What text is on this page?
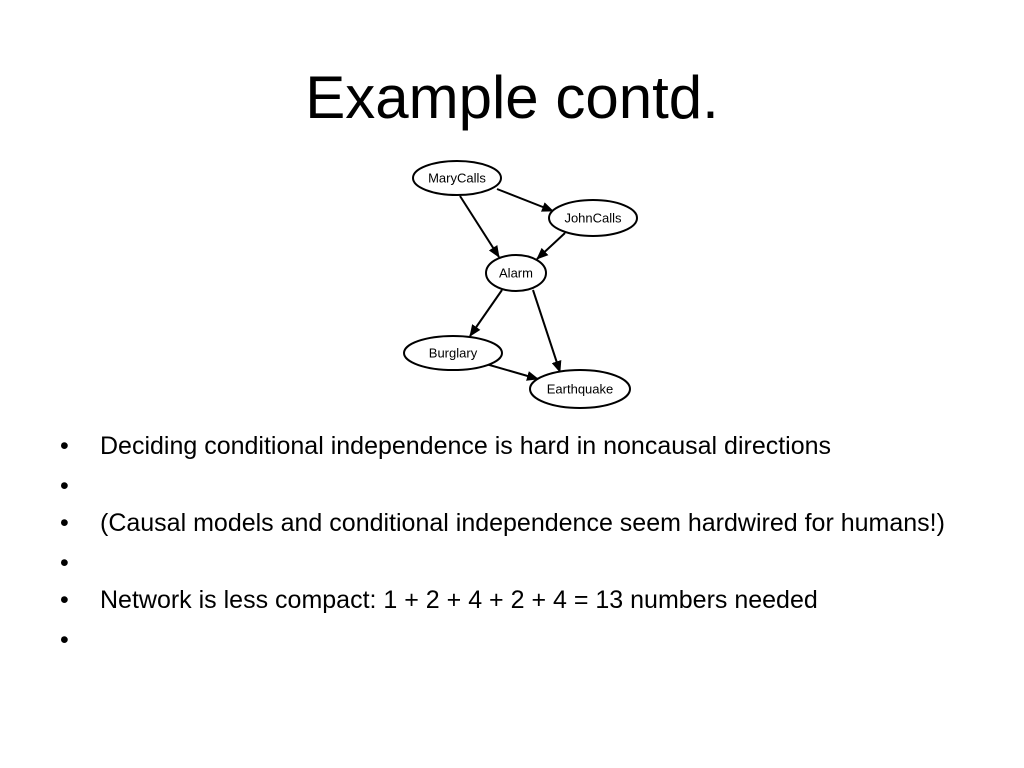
Example contd.
MaryCalls
JohnCalls
Alarm
Burglary
Earthquake
•	Deciding conditional independence is hard in noncausal directions
•
•	(Causal models and conditional independence seem hardwired for humans!)
•
•	Network is less compact: 1 + 2 + 4 + 2 + 4 = 13 numbers needed
•
